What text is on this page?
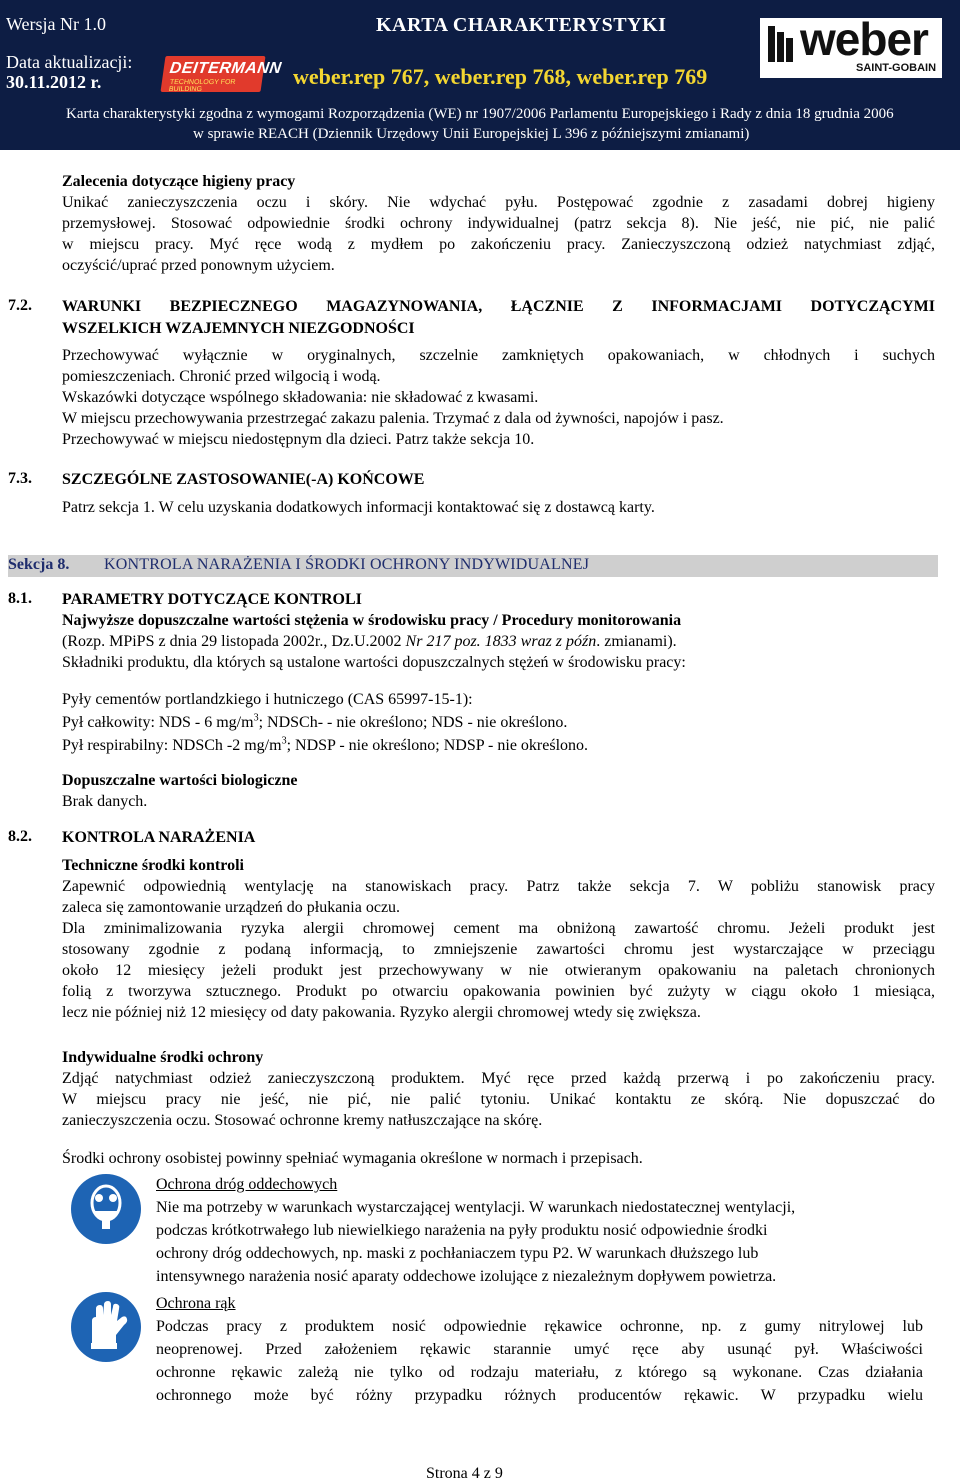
Wersja Nr 1.0
Data aktualizacji:
30.11.2012 r.
DEITERMANN
TECHNOLOGY FOR BUILDING
KARTA CHARAKTERYSTYKI
weber.rep 767, weber.rep 768, weber.rep 769
weber
SAINT-GOBAIN
Karta charakterystyki zgodna z wymogami Rozporządzenia (WE) nr 1907/2006 Parlamentu Europejskiego i Rady z dnia 18 grudnia 2006
w sprawie REACH (Dziennik Urzędowy Unii Europejskiej L 396 z późniejszymi zmianami)
Zalecenia dotyczące higieny pracy
Unikać zanieczyszczenia oczu i skóry. Nie wdychać pyłu. Postępować zgodnie z zasadami dobrej higieny
przemysłowej. Stosować odpowiednie środki ochrony indywidualnej (patrz sekcja 8). Nie jeść, nie pić, nie palić
w miejscu pracy. Myć ręce wodą z mydłem po zakończeniu pracy. Zanieczyszczoną odzież natychmiast zdjąć,
oczyścić/uprać przed ponownym użyciem.
7.2. WARUNKI BEZPIECZNEGO MAGAZYNOWANIA, ŁĄCZNIE Z INFORMACJAMI DOTYCZĄCYMI
WSZELKICH WZAJEMNYCH NIEZGODNOŚCI
Przechowywać wyłącznie w oryginalnych, szczelnie zamkniętych opakowaniach, w chłodnych i suchych
pomieszczeniach. Chronić przed wilgocią i wodą.
Wskazówki dotyczące wspólnego składowania: nie składować z kwasami.
W miejscu przechowywania przestrzegać zakazu palenia. Trzymać z dala od żywności, napojów i pasz.
Przechowywać w miejscu niedostępnym dla dzieci. Patrz także sekcja 10.
7.3. SZCZEGÓLNE ZASTOSOWANIE(-A) KOŃCOWE
Patrz sekcja 1. W celu uzyskania dodatkowych informacji kontaktować się z dostawcą karty.
Sekcja 8. KONTROLA NARAŻENIA I ŚRODKI OCHRONY INDYWIDUALNEJ
8.1. PARAMETRY DOTYCZĄCE KONTROLI
Najwyższe dopuszczalne wartości stężenia w środowisku pracy / Procedury monitorowania
(Rozp. MPiPS z dnia 29 listopada 2002r., Dz.U.2002 Nr 217 poz. 1833 wraz z późn. zmianami).
Składniki produktu, dla których są ustalone wartości dopuszczalnych stężeń w środowisku pracy:
Pyły cementów portlandzkiego i hutniczego (CAS 65997-15-1):
Pył całkowity: NDS - 6 $mg/m^3$; NDSCh- - nie określono; NDS - nie określono.
Pył respirabilny: NDSCh -2 $mg/m^3$; NDSP - nie określono; NDSP - nie określono.
Dopuszczalne wartości biologiczne
Brak danych.
8.2. KONTROLA NARAŻENIA
Techniczne środki kontroli
Zapewnić odpowiednią wentylację na stanowiskach pracy. Patrz także sekcja 7. W pobliżu stanowisk pracy
zaleca się zamontowanie urządzeń do płukania oczu.
Dla zminimalizowania ryzyka alergii chromowej cement ma obniżoną zawartość chromu. Jeżeli produkt jest
stosowany zgodnie z podaną informacją, to zmniejszenie zawartości chromu jest wystarczające w przeciągu
około 12 miesięcy jeżeli produkt jest przechowywany w nie otwieranym opakowaniu na paletach chronionych
folią z tworzywa sztucznego. Produkt po otwarciu opakowania powinien być zużyty w ciągu około 1 miesiąca,
lecz nie później niż 12 miesięcy od daty pakowania. Ryzyko alergii chromowej wtedy się zwiększa.
Indywidualne środki ochrony
Zdjąć natychmiast odzież zanieczyszczoną produktem. Myć ręce przed każdą przerwą i po zakończeniu pracy.
W miejscu pracy nie jeść, nie pić, nie palić tytoniu. Unikać kontaktu ze skórą. Nie dopuszczać do
zanieczyszczenia oczu. Stosować ochronne kremy natłuszczające na skórę.
Środki ochrony osobistej powinny spełniać wymagania określone w normach i przepisach.
Ochrona dróg oddechowych
Nie ma potrzeby w warunkach wystarczającej wentylacji. W warunkach niedostatecznej wentylacji,
podczas krótkotrwałego lub niewielkiego narażenia na pyły produktu nosić odpowiednie środki
ochrony dróg oddechowych, np. maski z pochłaniaczem typu P2. W warunkach dłuższego lub
intensywnego narażenia nosić aparaty oddechowe izolujące z niezależnym dopływem powietrza.
Ochrona rąk
Podczas pracy z produktem nosić odpowiednie rękawice ochronne, np. z gumy nitrylowej lub
neoprenowej. Przed założeniem rękawic starannie umyć ręce aby usunąć pył. Właściwości
ochronne rękawic zależą nie tylko od rodzaju materiału, z którego są wykonane. Czas działania
ochronnego może być różny przypadku różnych producentów rękawic. W przypadku wielu
Strona 4 z 9
